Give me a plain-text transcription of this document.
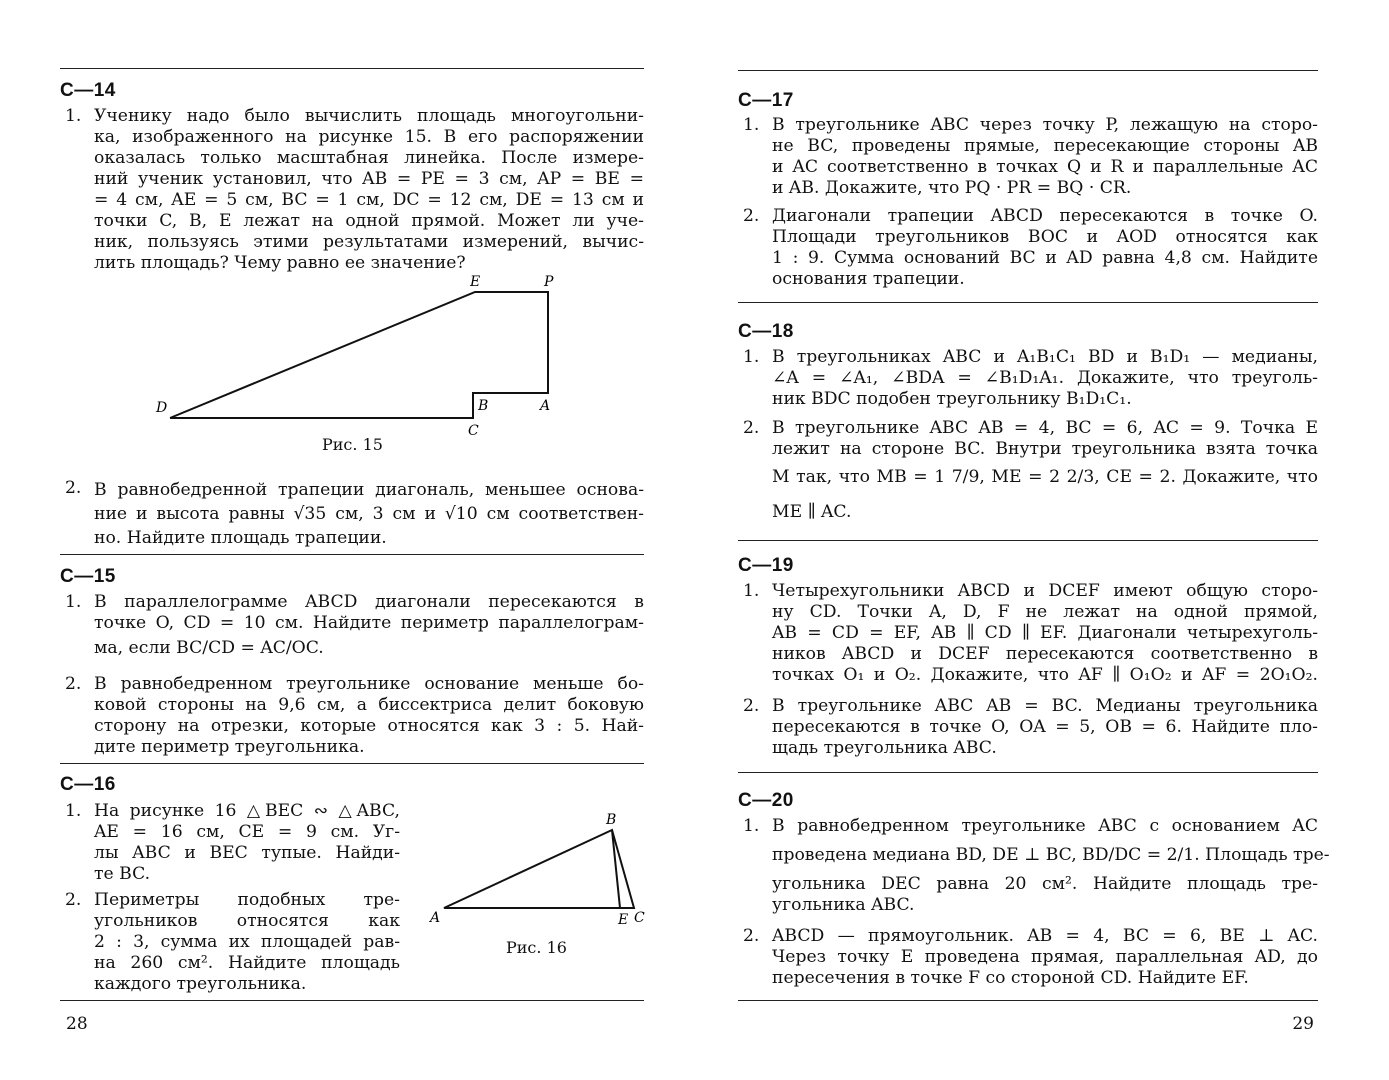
C—14
1. Ученику надо было вычислить площадь многоугольни-
ка, изображенного на рисунке 15. В его распоряжении
оказалась только масштабная линейка. После измере-
ний ученик установил, что AB = PE = 3 см, AP = BE =
= 4 см, AE = 5 см, BC = 1 см, DC = 12 см, DE = 13 см и
точки C, B, E лежат на одной прямой. Может ли уче-
ник, пользуясь этими результатами измерений, вычис-
лить площадь? Чему равно ее значение?
E	P
D	B	A
C
Рис. 15
2. В равнобедренной трапеции диагональ, меньшее основа-
ние и высота равны √35 см, 3 см и √10 см соответствен-
но. Найдите площадь трапеции.
C—15
1. В параллелограмме ABCD диагонали пересекаются в
точке O, CD = 10 см. Найдите периметр параллелограм-
ма, если BC/CD = AC/OC.
2. В равнобедренном треугольнике основание меньше бо-
ковой стороны на 9,6 см, а биссектриса делит боковую
сторону на отрезки, которые относятся как 3 : 5. Най-
дите периметр треугольника.
C—16
1. На рисунке 16 △BEC ∾ △ABC,
AE = 16 см, CE = 9 см. Уг-
лы ABC и BEC тупые. Найди-
те BC.
2. Периметры подобных тре-
угольников относятся как
2 : 3, сумма их площадей рав-
на 260 см². Найдите площадь
каждого треугольника.
B
A	E C
Рис. 16
28
C—17
1. В треугольнике ABC через точку P, лежащую на сторо-
не BC, проведены прямые, пересекающие стороны AB
и AC соответственно в точках Q и R и параллельные AC
и AB. Докажите, что PQ · PR = BQ · CR.
2. Диагонали трапеции ABCD пересекаются в точке O.
Площади треугольников BOC и AOD относятся как
1 : 9. Сумма оснований BC и AD равна 4,8 см. Найдите
основания трапеции.
C—18
1. В треугольниках ABC и A₁B₁C₁ BD и B₁D₁ — медианы,
∠A = ∠A₁, ∠BDA = ∠B₁D₁A₁. Докажите, что треуголь-
ник BDC подобен треугольнику B₁D₁C₁.
2. В треугольнике ABC AB = 4, BC = 6, AC = 9. Точка E
лежит на стороне BC. Внутри треугольника взята точка
M так, что MB = 1 7/9, ME = 2 2/3, CE = 2. Докажите, что
ME ∥ AC.
C—19
1. Четырехугольники ABCD и DCEF имеют общую сторо-
ну CD. Точки A, D, F не лежат на одной прямой,
AB = CD = EF, AB ∥ CD ∥ EF. Диагонали четырехуголь-
ников ABCD и DCEF пересекаются соответственно в
точках O₁ и O₂. Докажите, что AF ∥ O₁O₂ и AF = 2O₁O₂.
2. В треугольнике ABC AB = BC. Медианы треугольника
пересекаются в точке O, OA = 5, OB = 6. Найдите пло-
щадь треугольника ABC.
C—20
1. В равнобедренном треугольнике ABC с основанием AC
проведена медиана BD, DE ⊥ BC, BD/DC = 2/1. Площадь тре-
угольника DEC равна 20 см². Найдите площадь тре-
угольника ABC.
2. ABCD — прямоугольник. AB = 4, BC = 6, BE ⊥ AC.
Через точку E проведена прямая, параллельная AD, до
пересечения в точке F со стороной CD. Найдите EF.
29
